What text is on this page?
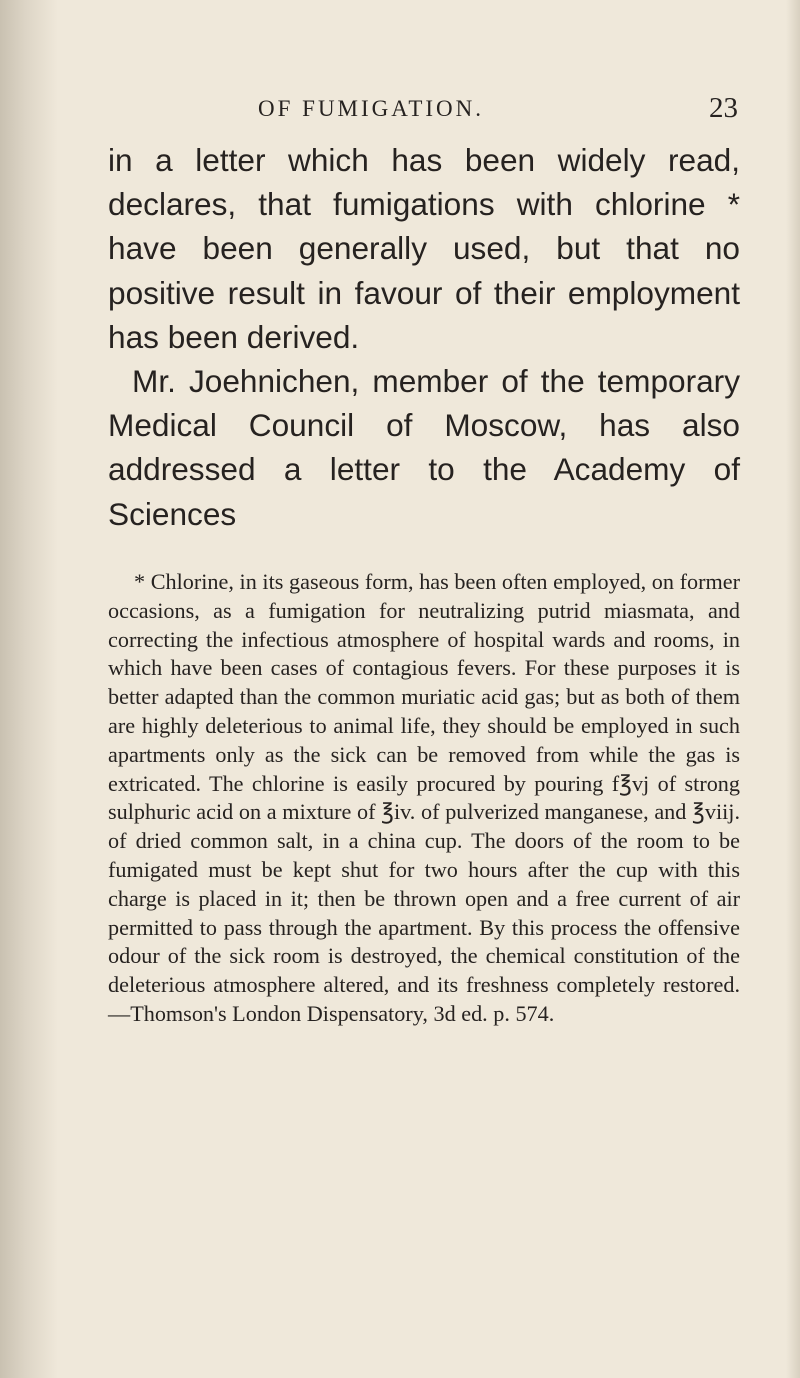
OF FUMIGATION.	23

in a letter which has been widely read, declares, that fumigations with chlorine * have been generally used, but that no positive result in favour of their employment has been derived.

Mr. Joehnichen, member of the temporary Medical Council of Moscow, has also addressed a letter to the Academy of Sciences

* Chlorine, in its gaseous form, has been often employed, on former occasions, as a fumigation for neutralizing putrid miasmata, and correcting the infectious atmosphere of hospital wards and rooms, in which have been cases of contagious fevers. For these purposes it is better adapted than the common muriatic acid gas; but as both of them are highly deleterious to animal life, they should be employed in such apartments only as the sick can be removed from while the gas is extricated. The chlorine is easily procured by pouring f℥vj of strong sulphuric acid on a mixture of ℥iv. of pulverized manganese, and ℥viij. of dried common salt, in a china cup. The doors of the room to be fumigated must be kept shut for two hours after the cup with this charge is placed in it; then be thrown open and a free current of air permitted to pass through the apartment. By this process the offensive odour of the sick room is destroyed, the chemical constitution of the deleterious atmosphere altered, and its freshness completely restored.—Thomson's London Dispensatory, 3d ed. p. 574.
